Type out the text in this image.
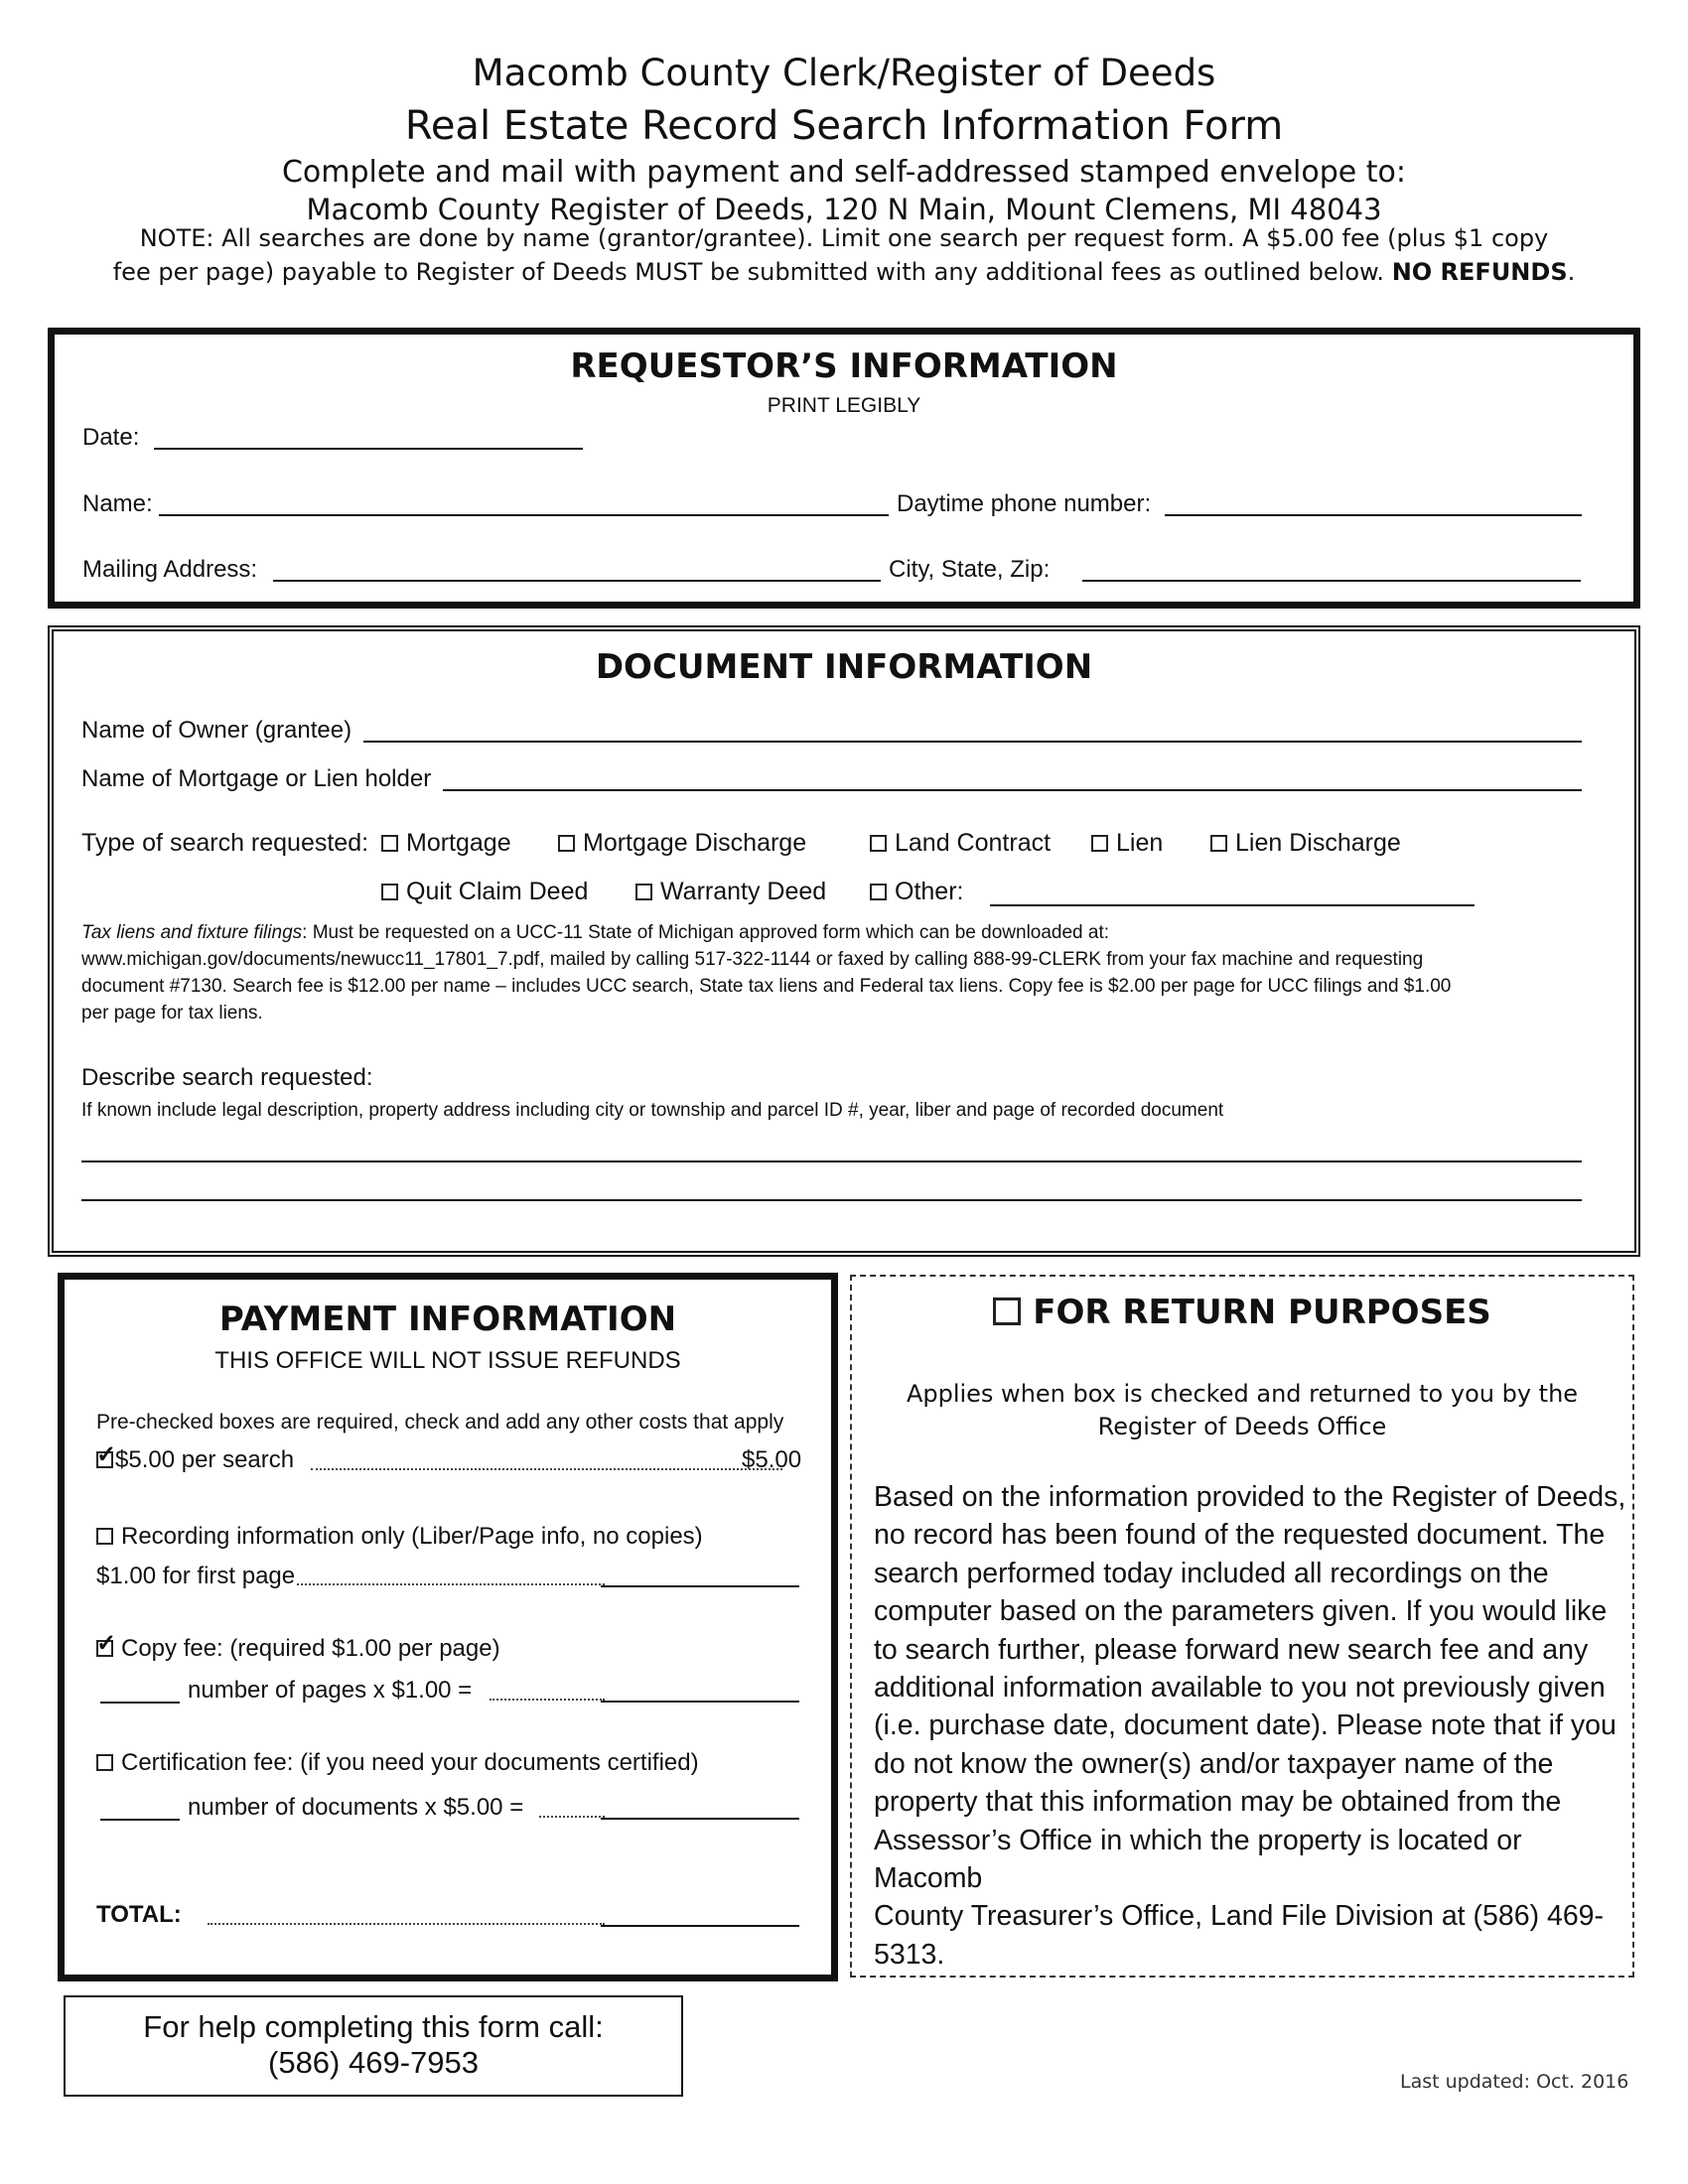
Macomb County Clerk/Register of Deeds
Real Estate Record Search Information Form
Complete and mail with payment and self-addressed stamped envelope to:
Macomb County Register of Deeds, 120 N Main, Mount Clemens, MI 48043
NOTE: All searches are done by name (grantor/grantee). Limit one search per request form. A $5.00 fee (plus $1 copy
fee per page) payable to Register of Deeds MUST be submitted with any additional fees as outlined below. NO REFUNDS.
REQUESTOR’S INFORMATION
PRINT LEGIBLY
Date:
Name:	Daytime phone number:
Mailing Address:	City, State, Zip:
DOCUMENT INFORMATION
Name of Owner (grantee)
Name of Mortgage or Lien holder
Type of search requested:	Mortgage	Mortgage Discharge	Land Contract	Lien	Lien Discharge
Quit Claim Deed	Warranty Deed	Other:
Tax liens and fixture filings: Must be requested on a UCC-11 State of Michigan approved form which can be downloaded at:
www.michigan.gov/documents/newucc11_17801_7.pdf, mailed by calling 517-322-1144 or faxed by calling 888-99-CLERK from your fax machine and requesting
document #7130. Search fee is $12.00 per name – includes UCC search, State tax liens and Federal tax liens. Copy fee is $2.00 per page for UCC filings and $1.00
per page for tax liens.
Describe search requested:
If known include legal description, property address including city or township and parcel ID #, year, liber and page of recorded document
PAYMENT INFORMATION
THIS OFFICE WILL NOT ISSUE REFUNDS
Pre-checked boxes are required, check and add any other costs that apply
✓
$5.00 per search	$5.00
Recording information only (Liber/Page info, no copies)
$1.00 for first page
✓ Copy fee: (required $1.00 per page)
number of pages x $1.00 =
Certification fee: (if you need your documents certified)
number of documents x $5.00 =
TOTAL:
FOR RETURN PURPOSES
Applies when box is checked and returned to you by the
Register of Deeds Office
Based on the information provided to the Register of Deeds,
no record has been found of the requested document. The
search performed today included all recordings on the
computer based on the parameters given. If you would like
to search further, please forward new search fee and any
additional information available to you not previously given
(i.e. purchase date, document date). Please note that if you
do not know the owner(s) and/or taxpayer name of the
property that this information may be obtained from the
Assessor’s Office in which the property is located or Macomb
County Treasurer’s Office, Land File Division at (586) 469-
5313.
For help completing this form call:
(586) 469-7953
Last updated: Oct. 2016
